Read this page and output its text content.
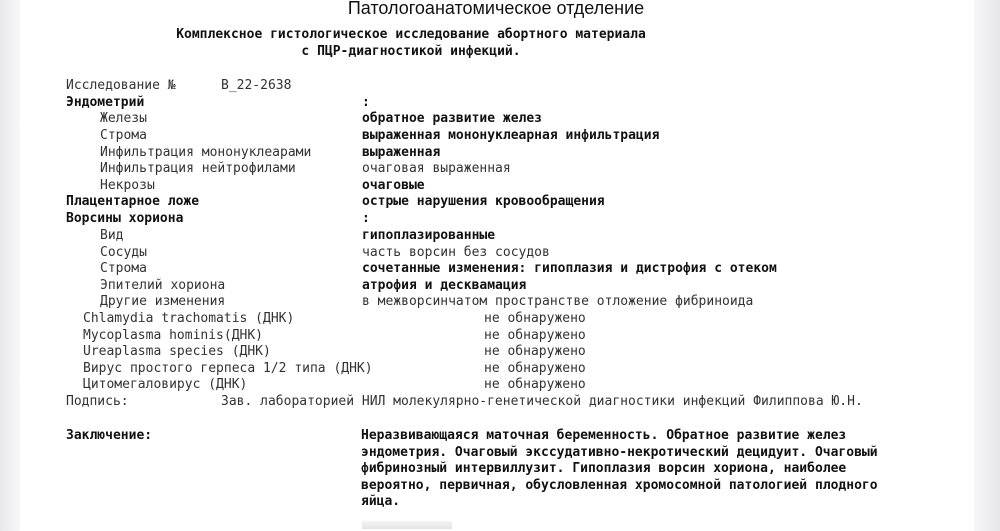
Патологоанатомическое отделение
Комплексное гистологическое исследование абортного материала
с ПЦР-диагностикой инфекций.
Исследование №	В_22-2638
Эндометрий	:
Железы	обратное развитие желез
Строма	выраженная мононуклеарная инфильтрация
Инфильтрация мононуклеарами	выраженная
Инфильтрация нейтрофилами	очаговая выраженная
Некрозы	очаговые
Плацентарное ложе	острые нарушения кровообращения
Ворсины хориона	:
Вид	гипоплазированные
Сосуды	часть ворсин без сосудов
Строма	сочетанные изменения: гипоплазия и дистрофия с отеком
Эпителий хориона	атрофия и десквамация
Другие изменения	в межворсинчатом пространстве отложение фибриноида
Chlamydia trachomatis (ДНК)	не обнаружено
Mycoplasma hominis(ДНК)	не обнаружено
Ureaplasma species (ДНК)	не обнаружено
Вирус простого герпеса 1/2 типа (ДНК)	не обнаружено
Цитомегаловирус (ДНК)	не обнаружено
Подпись:	Зав. лабораторией НИЛ молекулярно-генетической диагностики инфекций Филиппова Ю.Н.
Заключение:	Неразвивающаяся маточная беременность. Обратное развитие желез
эндометрия. Очаговый экссудативно-некротический децидуит. Очаговый
фибринозный интервиллузит. Гипоплазия ворсин хориона, наиболее
вероятно, первичная, обусловленная хромосомной патологией плодного
яйца.
